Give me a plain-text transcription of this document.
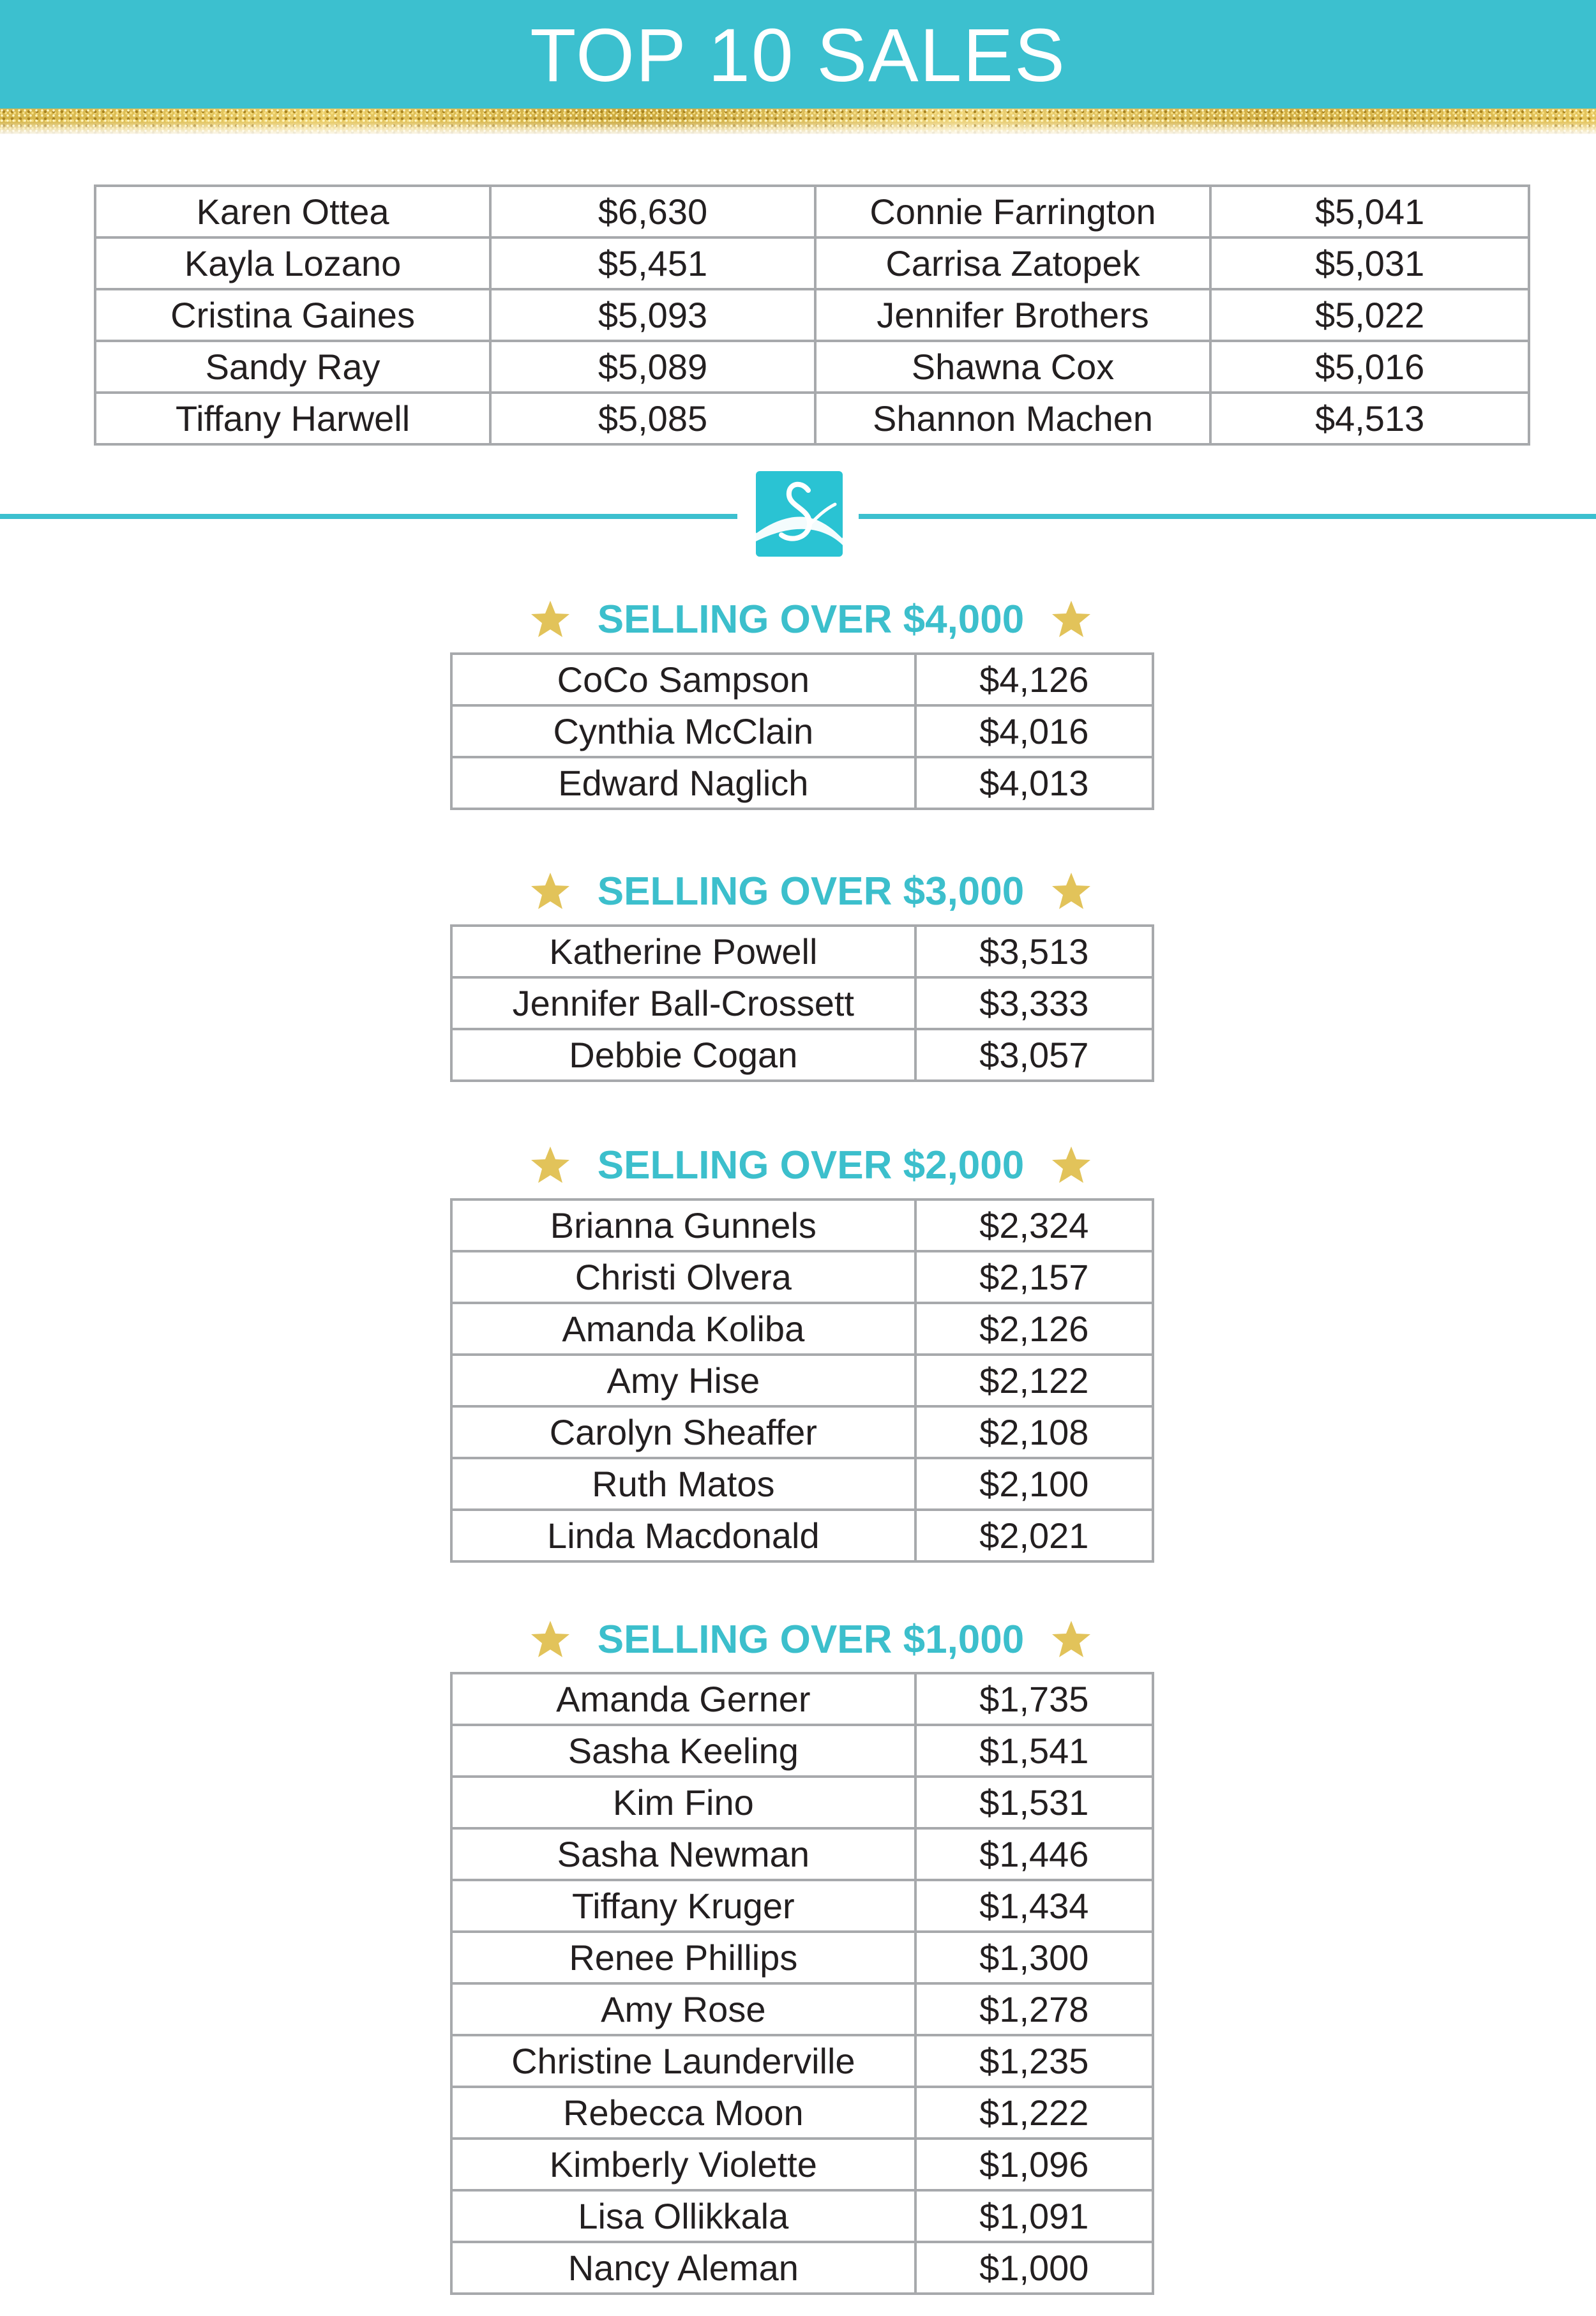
TOP 10 SALES
Karen Ottea	$6,630	Connie Farrington	$5,041
Kayla Lozano	$5,451	Carrisa Zatopek	$5,031
Cristina Gaines	$5,093	Jennifer Brothers	$5,022
Sandy Ray	$5,089	Shawna Cox	$5,016
Tiffany Harwell	$5,085	Shannon Machen	$4,513
SELLING OVER $4,000
CoCo Sampson	$4,126
Cynthia McClain	$4,016
Edward Naglich	$4,013
SELLING OVER $3,000
Katherine Powell	$3,513
Jennifer Ball-Crossett	$3,333
Debbie Cogan	$3,057
SELLING OVER $2,000
Brianna Gunnels	$2,324
Christi Olvera	$2,157
Amanda Koliba	$2,126
Amy Hise	$2,122
Carolyn Sheaffer	$2,108
Ruth Matos	$2,100
Linda Macdonald	$2,021
SELLING OVER $1,000
Amanda Gerner	$1,735
Sasha Keeling	$1,541
Kim Fino	$1,531
Sasha Newman	$1,446
Tiffany Kruger	$1,434
Renee Phillips	$1,300
Amy Rose	$1,278
Christine Launderville	$1,235
Rebecca Moon	$1,222
Kimberly Violette	$1,096
Lisa Ollikkala	$1,091
Nancy Aleman	$1,000
